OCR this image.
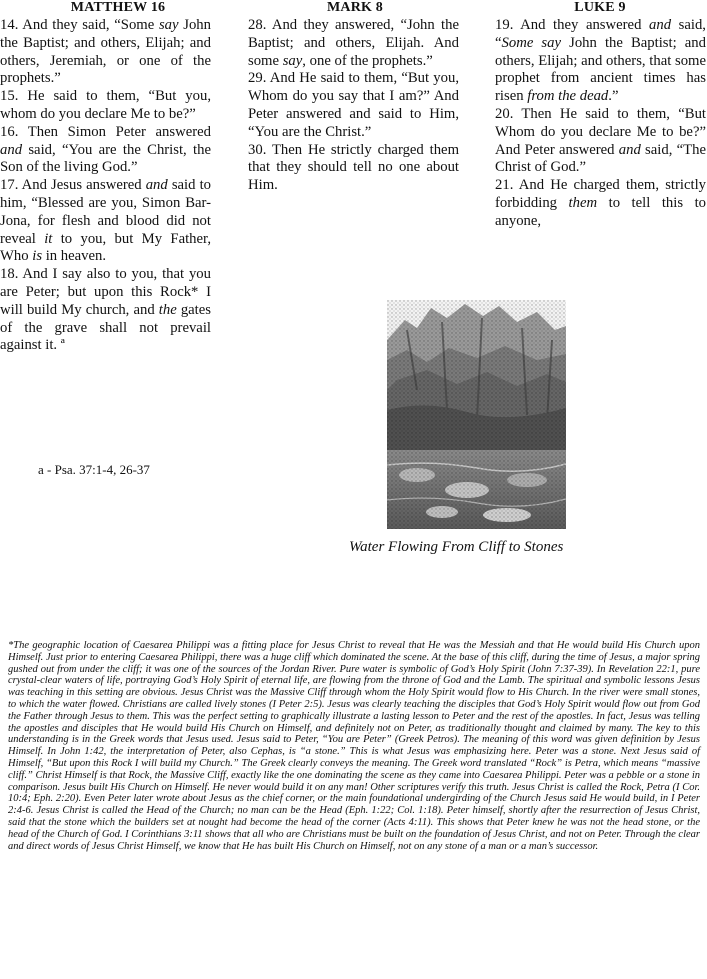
MATTHEW 16	MARK 8	LUKE 9

14. And they said, “Some say John the Baptist; and others, Elijah; and others, Jeremiah, or one of the prophets.”

15. He said to them, “But you, whom do you declare Me to be?”

16. Then Simon Peter answered and said, “You are the Christ, the Son of the living God.”

17. And Jesus answered and said to him, “Blessed are you, Simon Bar-Jona, for flesh and blood did not reveal it to you, but My Father, Who is in heaven.

18. And I say also to you, that you are Peter; but upon this Rock* I will build My church, and the gates of the grave shall not prevail against it. ª

28. And they answered, “John the Baptist; and others, Elijah. And some say, one of the prophets.”

29. And He said to them, “But you, Whom do you say that I am?” And Peter answered and said to Him, “You are the Christ.”

30. Then He strictly charged them that they should tell no one about Him.

19. And they answered and said, “Some say John the Baptist; and others, Elijah; and others, that some prophet from ancient times has risen from the dead.”

20. Then He said to them, “But Whom do you declare Me to be?” And Peter answered and said, “The Christ of God.”

21. And He charged them, strictly forbidding them to tell this to anyone,

a - Psa. 37:1-4, 26-37
Water Flowing From Cliff to Stones

*The geographic location of Caesarea Philippi was a fitting place for Jesus Christ to reveal that He was the Messiah and that He would build His Church upon Himself. Just prior to entering Caesarea Philippi, there was a huge cliff which dominated the scene. At the base of this cliff, during the time of Jesus, a major spring gushed out from under the cliff; it was one of the sources of the Jordan River. Pure water is symbolic of God’s Holy Spirit (John 7:37-39). In Revelation 22:1, pure crystal-clear waters of life, portraying God’s Holy Spirit of eternal life, are flowing from the throne of God and the Lamb. The spiritual and symbolic lessons Jesus was teaching in this setting are obvious. Jesus Christ was the Massive Cliff through whom the Holy Spirit would flow to His Church. In the river were small stones, to which the water flowed. Christians are called lively stones (I Peter 2:5). Jesus was clearly teaching the disciples that God’s Holy Spirit would flow out from God the Father through Jesus to them. This was the perfect setting to graphically illustrate a lasting lesson to Peter and the rest of the apostles. In fact, Jesus was telling the apostles and disciples that He would build His Church on Himself, and definitely not on Peter, as traditionally thought and claimed by many. The key to this understanding is in the Greek words that Jesus used. Jesus said to Peter, “You are Peter” (Greek Petros). The meaning of this word was given definition by Jesus Himself. In John 1:42, the interpretation of Peter, also Cephas, is “a stone.” This is what Jesus was emphasizing here. Peter was a stone. Next Jesus said of Himself, “But upon this Rock I will build my Church.” The Greek clearly conveys the meaning. The Greek word translated “Rock” is Petra, which means “massive cliff.” Christ Himself is that Rock, the Massive Cliff, exactly like the one dominating the scene as they came into Caesarea Philippi. Peter was a pebble or a stone in comparison. Jesus built His Church on Himself. He never would build it on any man! Other scriptures verify this truth. Jesus Christ is called the Rock, Petra (I Cor. 10:4; Eph. 2:20). Even Peter later wrote about Jesus as the chief corner, or the main foundational undergirding of the Church Jesus said He would build, in I Peter 2:4-6. Jesus Christ is called the Head of the Church; no man can be the Head (Eph. 1:22; Col. 1:18). Peter himself, shortly after the resurrection of Jesus Christ, said that the stone which the builders set at nought had become the head of the corner (Acts 4:11). This shows that Peter knew he was not the head stone, or the head of the Church of God. I Corinthians 3:11 shows that all who are Christians must be built on the foundation of Jesus Christ, and not on Peter. Through the clear and direct words of Jesus Christ Himself, we know that He has built His Church on Himself, not on any stone of a man or a man’s successor.
